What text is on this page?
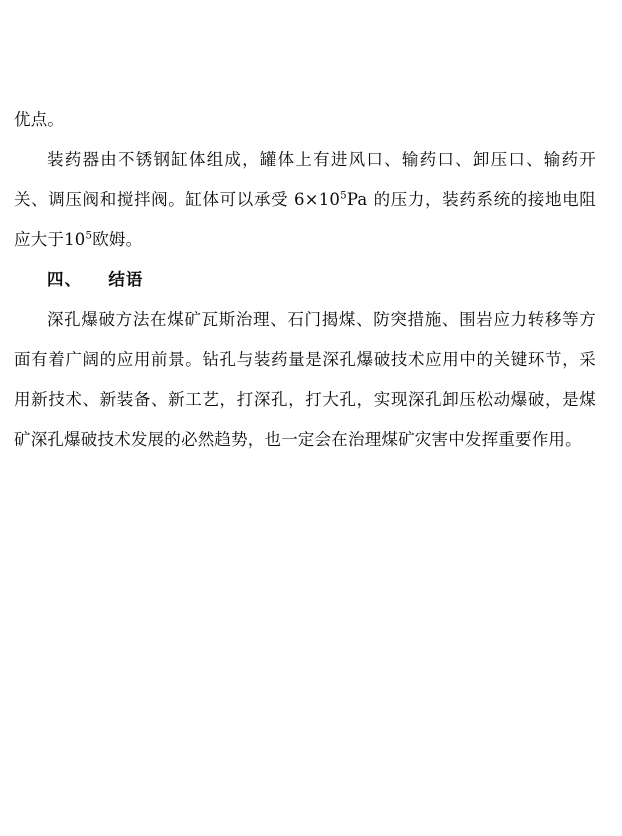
优点。

装药器由不锈钢缸体组成，罐体上有进风口、输药口、卸压口、输药开关、调压阀和搅拌阀。缸体可以承受 $6\times 10^5Pa$ 的压力，装药系统的接地电阻应大于$10^5$欧姆。

四、 结语

深孔爆破方法在煤矿瓦斯治理、石门揭煤、防突措施、围岩应力转移等方面有着广阔的应用前景。钻孔与装药量是深孔爆破技术应用中的关键环节，采用新技术、新装备、新工艺，打深孔，打大孔，实现深孔卸压松动爆破，是煤矿深孔爆破技术发展的必然趋势，也一定会在治理煤矿灾害中发挥重要作用。
